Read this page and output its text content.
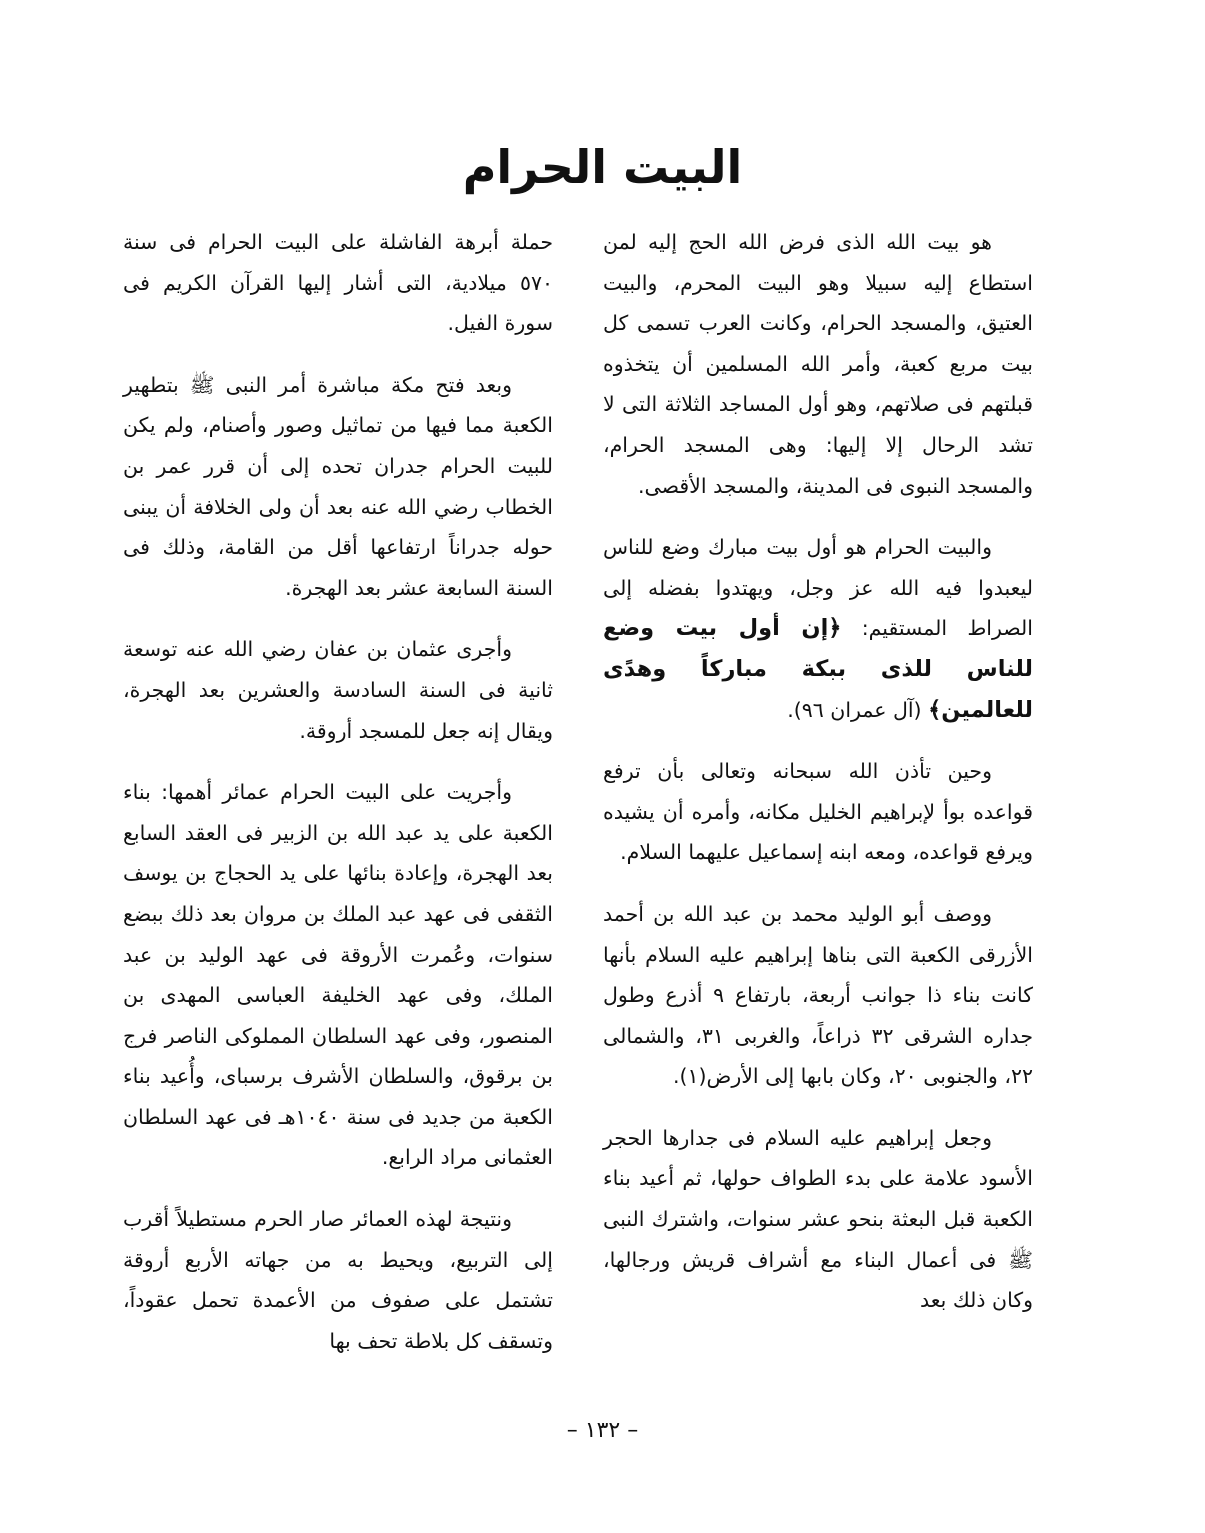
البيت الحرام

هو بيت الله الذى فرض الله الحج إليه لمن استطاع إليه سبيلا وهو البيت المحرم، والبيت العتيق، والمسجد الحرام، وكانت العرب تسمى كل بيت مربع كعبة، وأمر الله المسلمين أن يتخذوه قبلتهم فى صلاتهم، وهو أول المساجد الثلاثة التى لا تشد الرحال إلا إليها: وهى المسجد الحرام، والمسجد النبوى فى المدينة، والمسجد الأقصى.

والبيت الحرام هو أول بيت مبارك وضع للناس ليعبدوا فيه الله عز وجل، ويهتدوا بفضله إلى الصراط المستقيم: ﴿إن أول بيت وضع للناس للذى ببكة مباركاً وهدًى للعالمين﴾ (آل عمران ٩٦).

وحين تأذن الله سبحانه وتعالى بأن ترفع قواعده بوأ لإبراهيم الخليل مكانه، وأمره أن يشيده ويرفع قواعده، ومعه ابنه إسماعيل عليهما السلام.

ووصف أبو الوليد محمد بن عبد الله بن أحمد الأزرقى الكعبة التى بناها إبراهيم عليه السلام بأنها كانت بناء ذا جوانب أربعة، بارتفاع ٩ أذرع وطول جداره الشرقى ٣٢ ذراعاً، والغربى ٣١، والشمالى ٢٢، والجنوبى ٢٠، وكان بابها إلى الأرض(١).

وجعل إبراهيم عليه السلام فى جدارها الحجر الأسود علامة على بدء الطواف حولها، ثم أعيد بناء الكعبة قبل البعثة بنحو عشر سنوات، واشترك النبى ﷺ فى أعمال البناء مع أشراف قريش ورجالها، وكان ذلك بعد

حملة أبرهة الفاشلة على البيت الحرام فى سنة ٥٧٠ ميلادية، التى أشار إليها القرآن الكريم فى سورة الفيل.

وبعد فتح مكة مباشرة أمر النبى ﷺ بتطهير الكعبة مما فيها من تماثيل وصور وأصنام، ولم يكن للبيت الحرام جدران تحده إلى أن قرر عمر بن الخطاب رضي الله عنه بعد أن ولى الخلافة أن يبنى حوله جدراناً ارتفاعها أقل من القامة، وذلك فى السنة السابعة عشر بعد الهجرة.

وأجرى عثمان بن عفان رضي الله عنه توسعة ثانية فى السنة السادسة والعشرين بعد الهجرة، ويقال إنه جعل للمسجد أروقة.

وأجريت على البيت الحرام عمائر أهمها: بناء الكعبة على يد عبد الله بن الزبير فى العقد السابع بعد الهجرة، وإعادة بنائها على يد الحجاج بن يوسف الثقفى فى عهد عبد الملك بن مروان بعد ذلك ببضع سنوات، وعُمرت الأروقة فى عهد الوليد بن عبد الملك، وفى عهد الخليفة العباسى المهدى بن المنصور، وفى عهد السلطان المملوكى الناصر فرج بن برقوق، والسلطان الأشرف برسباى، وأُعيد بناء الكعبة من جديد فى سنة ١٠٤٠هـ فى عهد السلطان العثمانى مراد الرابع.

ونتيجة لهذه العمائر صار الحرم مستطيلاً أقرب إلى التربيع، ويحيط به من جهاته الأربع أروقة تشتمل على صفوف من الأعمدة تحمل عقوداً، وتسقف كل بلاطة تحف بها

– ١٣٢ –
